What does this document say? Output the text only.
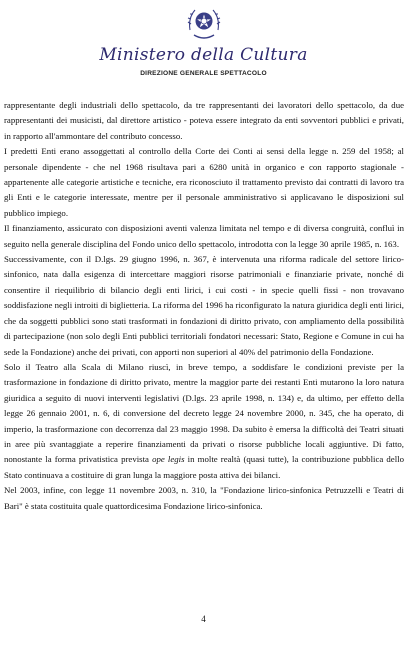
Ministero della Cultura
DIREZIONE GENERALE SPETTACOLO

rappresentante degli industriali dello spettacolo, da tre rappresentanti dei lavoratori dello spettacolo, da due rappresentanti dei musicisti, dal direttore artistico - poteva essere integrato da enti sovventori pubblici e privati, in rapporto all'ammontare del contributo concesso.

I predetti Enti erano assoggettati al controllo della Corte dei Conti ai sensi della legge n. 259 del 1958; al personale dipendente - che nel 1968 risultava pari a 6280 unità in organico e con rapporto stagionale - appartenente alle categorie artistiche e tecniche, era riconosciuto il trattamento previsto dai contratti di lavoro tra gli Enti e le categorie interessate, mentre per il personale amministrativo si applicavano le disposizioni sul pubblico impiego.

Il finanziamento, assicurato con disposizioni aventi valenza limitata nel tempo e di diversa congruità, confluì in seguito nella generale disciplina del Fondo unico dello spettacolo, introdotta con la legge 30 aprile 1985, n. 163.

Successivamente, con il D.lgs. 29 giugno 1996, n. 367, è intervenuta una riforma radicale del settore lirico-sinfonico, nata dalla esigenza di intercettare maggiori risorse patrimoniali e finanziarie private, nonché di consentire il riequilibrio di bilancio degli enti lirici, i cui costi - in specie quelli fissi - non trovavano soddisfazione negli introiti di biglietteria. La riforma del 1996 ha riconfigurato la natura giuridica degli enti lirici, che da soggetti pubblici sono stati trasformati in fondazioni di diritto privato, con ampliamento della possibilità di partecipazione (non solo degli Enti pubblici territoriali fondatori necessari: Stato, Regione e Comune in cui ha sede la Fondazione) anche dei privati, con apporti non superiori al 40% del patrimonio della Fondazione.

Solo il Teatro alla Scala di Milano riuscì, in breve tempo, a soddisfare le condizioni previste per la trasformazione in fondazione di diritto privato, mentre la maggior parte dei restanti Enti mutarono la loro natura giuridica a seguito di nuovi interventi legislativi (D.lgs. 23 aprile 1998, n. 134) e, da ultimo, per effetto della legge 26 gennaio 2001, n. 6, di conversione del decreto legge 24 novembre 2000, n. 345, che ha operato, di imperio, la trasformazione con decorrenza dal 23 maggio 1998. Da subito è emersa la difficoltà dei Teatri situati in aree più svantaggiate a reperire finanziamenti da privati o risorse pubbliche locali aggiuntive. Di fatto, nonostante la forma privatistica prevista ope legis in molte realtà (quasi tutte), la contribuzione pubblica dello Stato continuava a costituire di gran lunga la maggiore posta attiva dei bilanci.

Nel 2003, infine, con legge 11 novembre 2003, n. 310, la "Fondazione lirico-sinfonica Petruzzelli e Teatri di Bari" è stata costituita quale quattordicesima Fondazione lirico-sinfonica.

4
